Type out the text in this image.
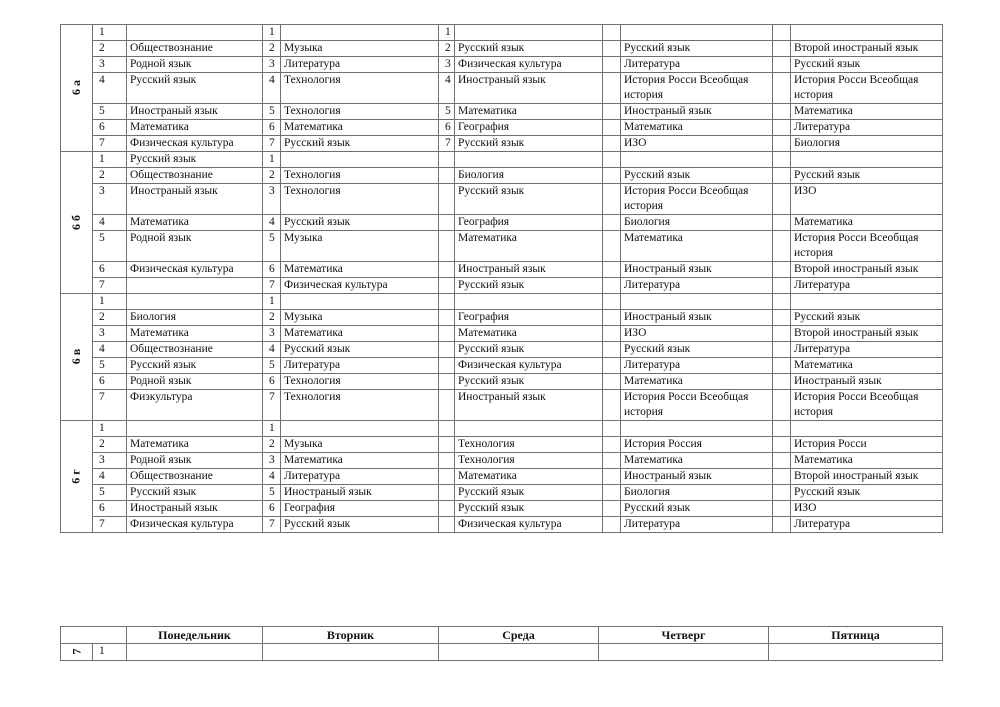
6 а	1		1		1					
	2	Обществознание	2	Музыка	2	Русский язык		Русский язык		Второй иностраный язык
	3	Родной язык	3	Литература	3	Физическая культура		Литература		Русский язык
	4	Русский язык	4	Технология	4	Иностраный язык		История Росси Всеобщая история		История Росси Всеобщая история
	5	Иностраный язык	5	Технология	5	Математика		Иностраный язык		Математика
	6	Математика	6	Математика	6	География		Математика		Литература
	7	Физическая культура	7	Русский язык	7	Русский язык		ИЗО		Биология
6 б	1	Русский язык	1							
	2	Обществознание	2	Технология		Биология		Русский язык		Русский язык
	3	Иностраный язык	3	Технология		Русский язык		История Росси Всеобщая история		ИЗО
	4	Математика	4	Русский язык		География		Биология		Математика
	5	Родной язык	5	Музыка		Математика		Математика		История Росси Всеобщая история
	6	Физическая культура	6	Математика		Иностраный язык		Иностраный язык		Второй иностраный язык
	7		7	Физическая культура		Русский язык		Литература		Литература
6 в	1		1							
	2	Биология	2	Музыка		География		Иностраный язык		Русский язык
	3	Математика	3	Математика		Математика		ИЗО		Второй иностраный язык
	4	Обществознание	4	Русский язык		Русский язык		Русский язык		Литература
	5	Русский язык	5	Литература		Физическая культура		Литература		Математика
	6	Родной язык	6	Технология		Русский язык		Математика		Иностраный язык
	7	Физкультура	7	Технология		Иностраный язык		История Росси Всеобщая история		История Росси Всеобщая история
6 г	1		1							
	2	Математика	2	Музыка		Технология		История Россия		История Росси
	3	Родной язык	3	Математика		Технология		Математика		Математика
	4	Обществознание	4	Литература		Математика		Иностраный язык		Второй иностраный язык
	5	Русский язык	5	Иностраный язык		Русский язык		Биология		Русский язык
	6	Иностраный язык	6	География		Русский язык		Русский язык		ИЗО
	7	Физическая культура	7	Русский язык		Физическая культура		Литература		Литература
		Понедельник	Вторник	Среда	Четверг	Пятница
7	1					
